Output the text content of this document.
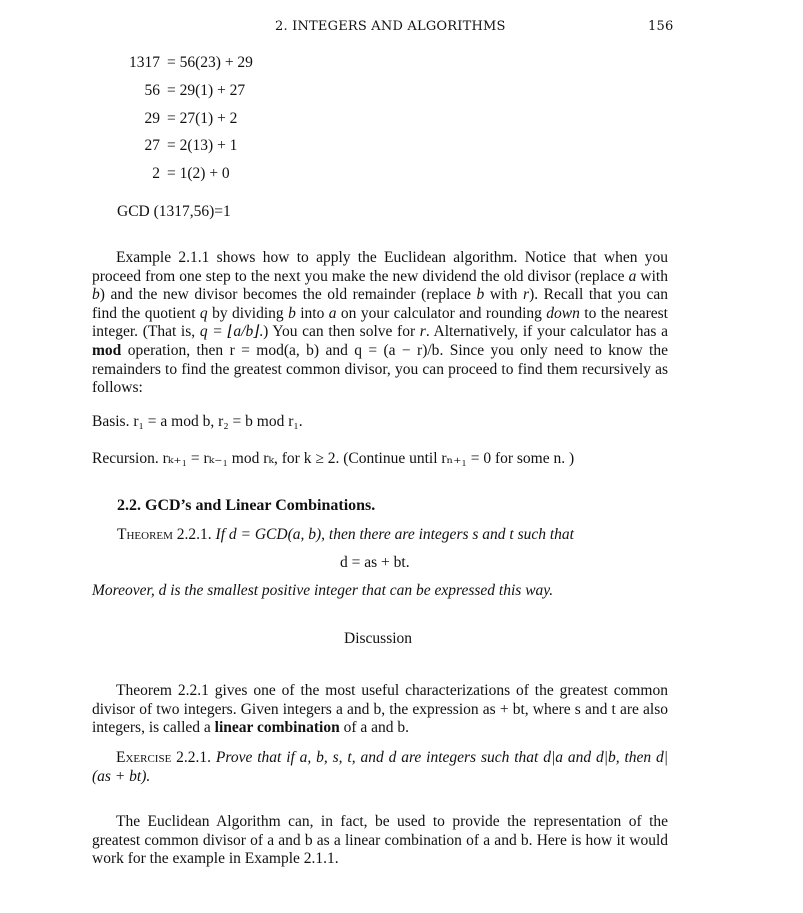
2. INTEGERS AND ALGORITHMS	156
1317 = 56(23) + 29
56 = 29(1) + 27
29 = 27(1) + 2
27 = 2(13) + 1
2 = 1(2) + 0
GCD (1317,56)=1
Example 2.1.1 shows how to apply the Euclidean algorithm. Notice that when you proceed from one step to the next you make the new dividend the old divisor (replace a with b) and the new divisor becomes the old remainder (replace b with r). Recall that you can find the quotient q by dividing b into a on your calculator and rounding down to the nearest integer. (That is, q = ⌊a/b⌋.) You can then solve for r. Alternatively, if your calculator has a mod operation, then r = mod(a, b) and q = (a − r)/b. Since you only need to know the remainders to find the greatest common divisor, you can proceed to find them recursively as follows:
Basis. r₁ = a mod b, r₂ = b mod r₁.
Recursion. rₖ₊₁ = rₖ₋₁ mod rₖ, for k ≥ 2. (Continue until rₙ₊₁ = 0 for some n. )
2.2. GCD’s and Linear Combinations.
Theorem 2.2.1. If d = GCD(a, b), then there are integers s and t such that
d = as + bt.
Moreover, d is the smallest positive integer that can be expressed this way.
Discussion
Theorem 2.2.1 gives one of the most useful characterizations of the greatest common divisor of two integers. Given integers a and b, the expression as + bt, where s and t are also integers, is called a linear combination of a and b.
Exercise 2.2.1. Prove that if a, b, s, t, and d are integers such that d|a and d|b, then d|(as + bt).
The Euclidean Algorithm can, in fact, be used to provide the representation of the greatest common divisor of a and b as a linear combination of a and b. Here is how it would work for the example in Example 2.1.1.
